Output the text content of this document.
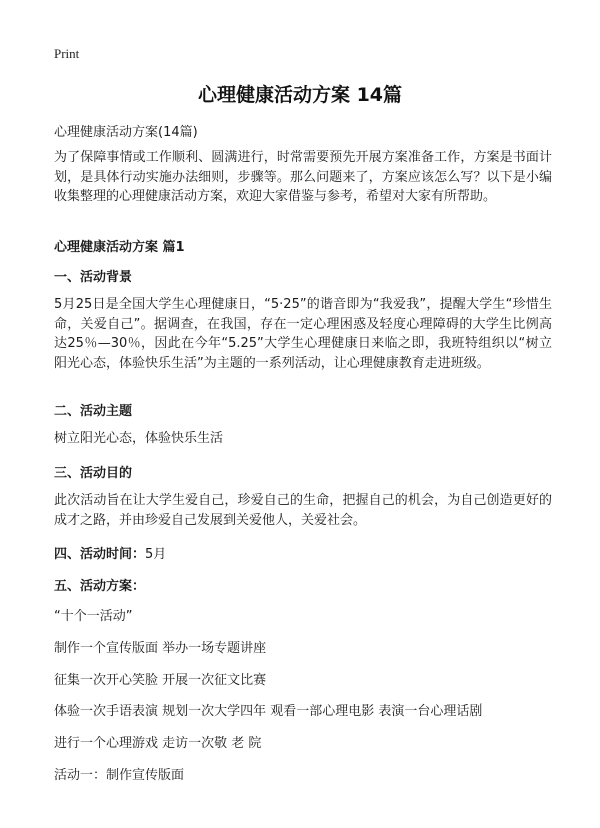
Print
心理健康活动方案 14篇
心理健康活动方案(14篇)
为了保障事情或工作顺利、圆满进行，时常需要预先开展方案准备工作，方案是书面计划，是具体行动实施办法细则，步骤等。那么问题来了，方案应该怎么写？以下是小编收集整理的心理健康活动方案，欢迎大家借鉴与参考，希望对大家有所帮助。
心理健康活动方案 篇1
一、活动背景
5月25日是全国大学生心理健康日，“5·25”的谐音即为“我爱我”，提醒大学生“珍惜生命，关爱自己”。据调查，在我国，存在一定心理困惑及轻度心理障碍的大学生比例高达25％—30％，因此在今年“5.25”大学生心理健康日来临之即，我班特组织以“树立阳光心态，体验快乐生活”为主题的一系列活动，让心理健康教育走进班级。
二、活动主题
树立阳光心态，体验快乐生活
三、活动目的
此次活动旨在让大学生爱自己，珍爱自己的生命，把握自己的机会，为自己创造更好的成才之路，并由珍爱自己发展到关爱他人，关爱社会。
四、活动时间：5月
五、活动方案：
“十个一活动”
制作一个宣传版面 举办一场专题讲座
征集一次开心笑脸 开展一次征文比赛
体验一次手语表演 规划一次大学四年 观看一部心理电影 表演一台心理话剧
进行一个心理游戏 走访一次敬 老 院
活动一：制作宣传版面
